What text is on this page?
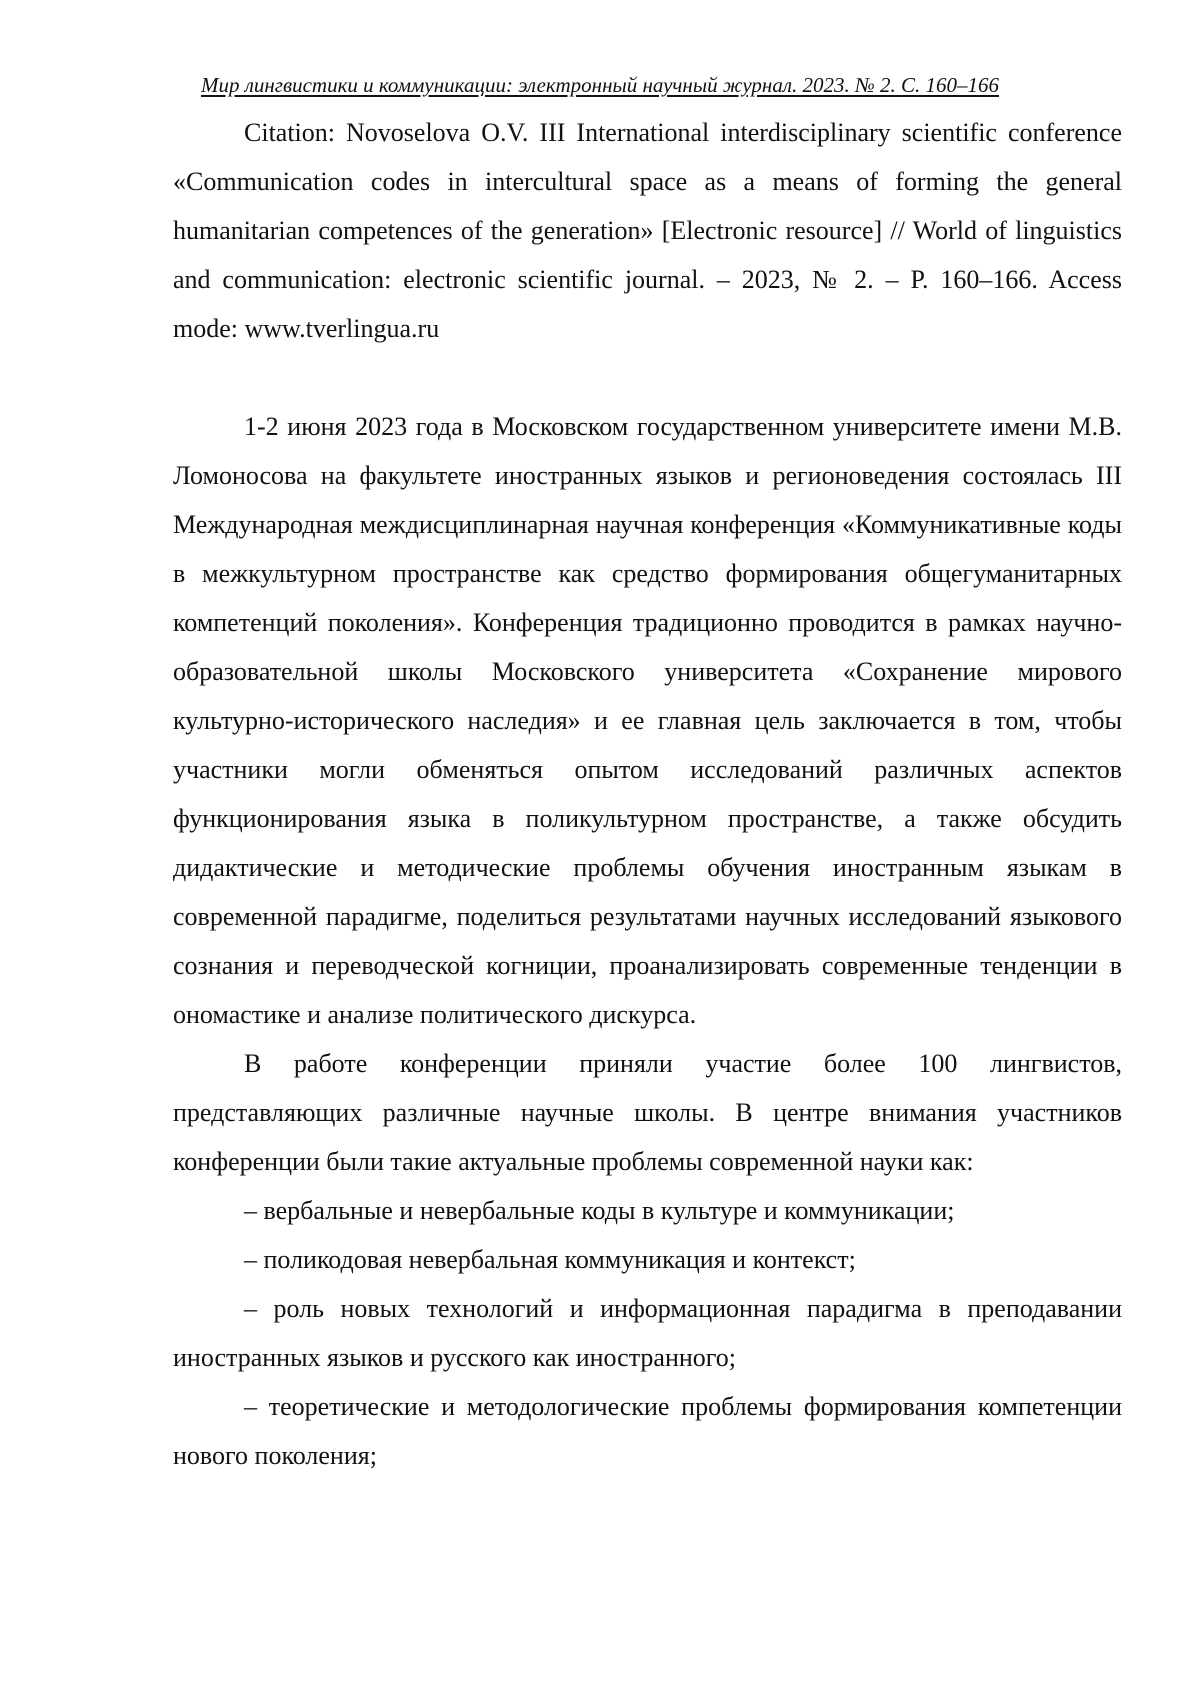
Мир лингвистики и коммуникации: электронный научный журнал. 2023. № 2. С. 160–166

Citation: Novoselova O.V. III International interdisciplinary scientific conference «Communication codes in intercultural space as a means of forming the general humanitarian competences of the generation» [Electronic resource] // World of linguistics and communication: electronic scientific journal. – 2023, № 2. – P. 160–166. Access mode: www.tverlingua.ru

1-2 июня 2023 года в Московском государственном университете имени М.В. Ломоносова на факультете иностранных языков и регионоведения состоялась III Международная междисциплинарная научная конференция «Коммуникативные коды в межкультурном пространстве как средство формирования общегуманитарных компетенций поколения». Конференция традиционно проводится в рамках научно-образовательной школы Московского университета «Сохранение мирового культурно-исторического наследия» и ее главная цель заключается в том, чтобы участники могли обменяться опытом исследований различных аспектов функционирования языка в поликультурном пространстве, а также обсудить дидактические и методические проблемы обучения иностранным языкам в современной парадигме, поделиться результатами научных исследований языкового сознания и переводческой когниции, проанализировать современные тенденции в ономастике и анализе политического дискурса.

В работе конференции приняли участие более 100 лингвистов, представляющих различные научные школы. В центре внимания участников конференции были такие актуальные проблемы современной науки как:

– вербальные и невербальные коды в культуре и коммуникации;

– поликодовая невербальная коммуникация и контекст;

– роль новых технологий и информационная парадигма в преподавании иностранных языков и русского как иностранного;

– теоретические и методологические проблемы формирования компетенции нового поколения;
